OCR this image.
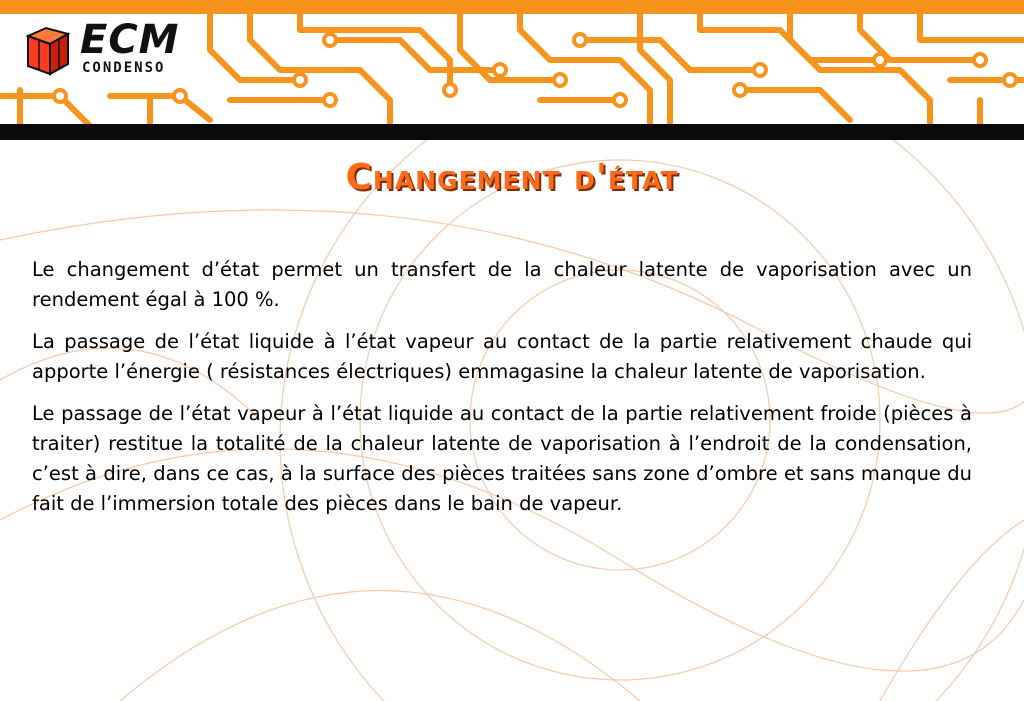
ECM
CONDENSO
Changement d'état

Le changement d’état permet un transfert de la chaleur latente de vaporisation avec un rendement égal à 100 %.

La passage de l’état liquide à l’état vapeur au contact de la partie relativement chaude qui apporte l’énergie ( résistances électriques) emmagasine la chaleur latente de vaporisation.

Le passage de l’état vapeur à l’état liquide au contact de la partie relativement froide (pièces à traiter) restitue la totalité de la chaleur latente de vaporisation à l’endroit de la condensation, c’est à dire, dans ce cas, à la surface des pièces traitées sans zone d’ombre et sans manque du fait de l’immersion totale des pièces dans le bain de vapeur.
